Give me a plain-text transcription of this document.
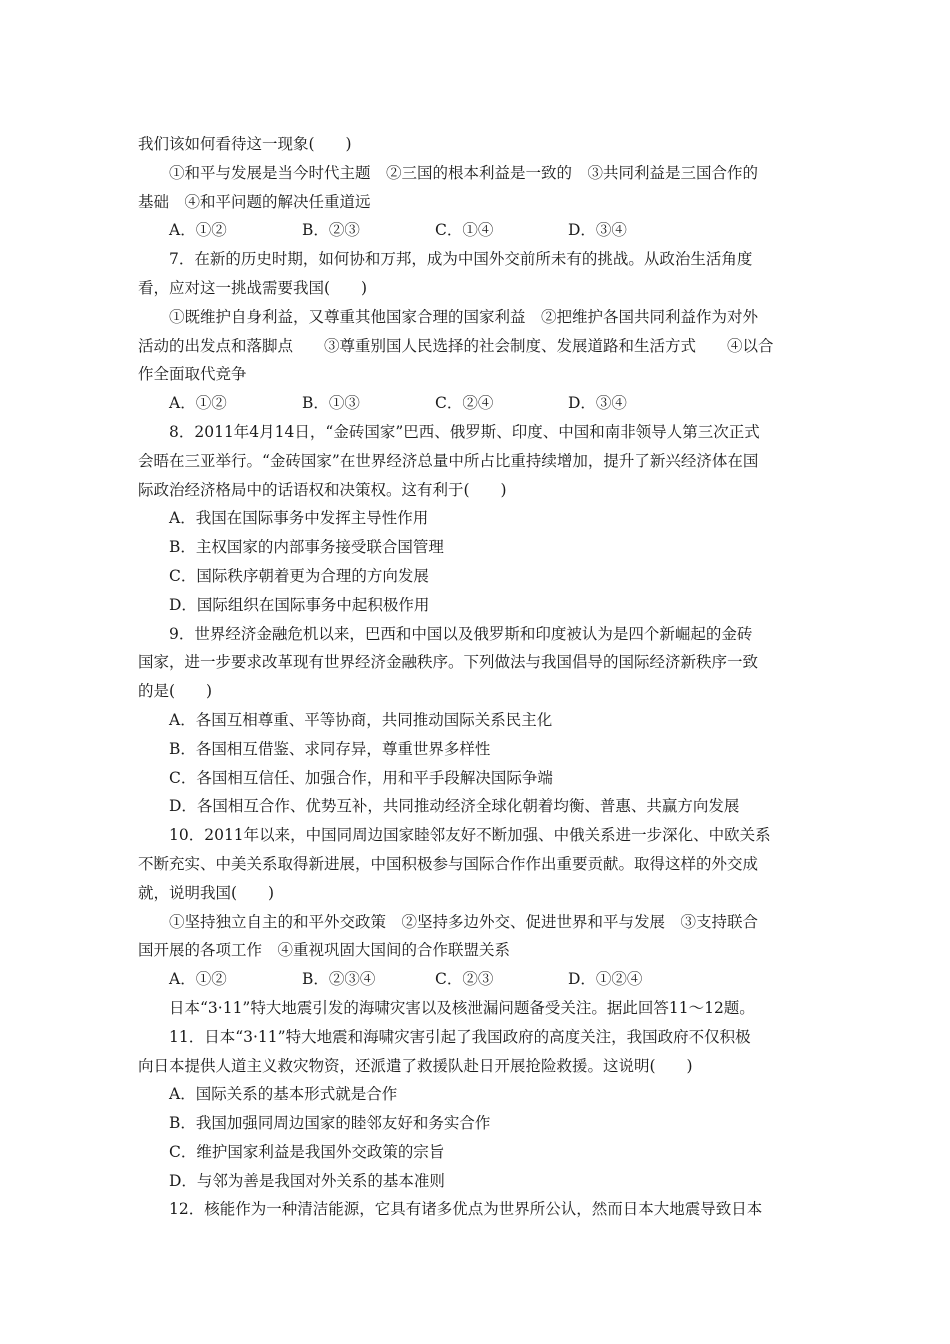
我们该如何看待这一现象(　　)
①和平与发展是当今时代主题　②三国的根本利益是一致的　③共同利益是三国合作的
基础　④和平问题的解决任重道远
A．①②	B．②③	C．①④	D．③④
7．在新的历史时期，如何协和万邦，成为中国外交前所未有的挑战。从政治生活角度
看，应对这一挑战需要我国(　　)
①既维护自身利益，又尊重其他国家合理的国家利益　②把维护各国共同利益作为对外
活动的出发点和落脚点　　③尊重别国人民选择的社会制度、发展道路和生活方式　　④以合
作全面取代竞争
A．①②	B．①③	C．②④	D．③④
8．2011年4月14日，“金砖国家”巴西、俄罗斯、印度、中国和南非领导人第三次正式
会晤在三亚举行。“金砖国家”在世界经济总量中所占比重持续增加，提升了新兴经济体在国
际政治经济格局中的话语权和决策权。这有利于(　　)
A．我国在国际事务中发挥主导性作用
B．主权国家的内部事务接受联合国管理
C．国际秩序朝着更为合理的方向发展
D．国际组织在国际事务中起积极作用
9．世界经济金融危机以来，巴西和中国以及俄罗斯和印度被认为是四个新崛起的金砖
国家，进一步要求改革现有世界经济金融秩序。下列做法与我国倡导的国际经济新秩序一致
的是(　　)
A．各国互相尊重、平等协商，共同推动国际关系民主化
B．各国相互借鉴、求同存异，尊重世界多样性
C．各国相互信任、加强合作，用和平手段解决国际争端
D．各国相互合作、优势互补，共同推动经济全球化朝着均衡、普惠、共赢方向发展
10．2011年以来，中国同周边国家睦邻友好不断加强、中俄关系进一步深化、中欧关系
不断充实、中美关系取得新进展，中国积极参与国际合作作出重要贡献。取得这样的外交成
就，说明我国(　　)
①坚持独立自主的和平外交政策　②坚持多边外交、促进世界和平与发展　③支持联合
国开展的各项工作　④重视巩固大国间的合作联盟关系
A．①②	B．②③④	C．②③	D．①②④
日本“3·11”特大地震引发的海啸灾害以及核泄漏问题备受关注。据此回答11～12题。
11．日本“3·11”特大地震和海啸灾害引起了我国政府的高度关注，我国政府不仅积极
向日本提供人道主义救灾物资，还派遣了救援队赴日开展抢险救援。这说明(　　)
A．国际关系的基本形式就是合作
B．我国加强同周边国家的睦邻友好和务实合作
C．维护国家利益是我国外交政策的宗旨
D．与邻为善是我国对外关系的基本准则
12．核能作为一种清洁能源，它具有诸多优点为世界所公认，然而日本大地震导致日本
